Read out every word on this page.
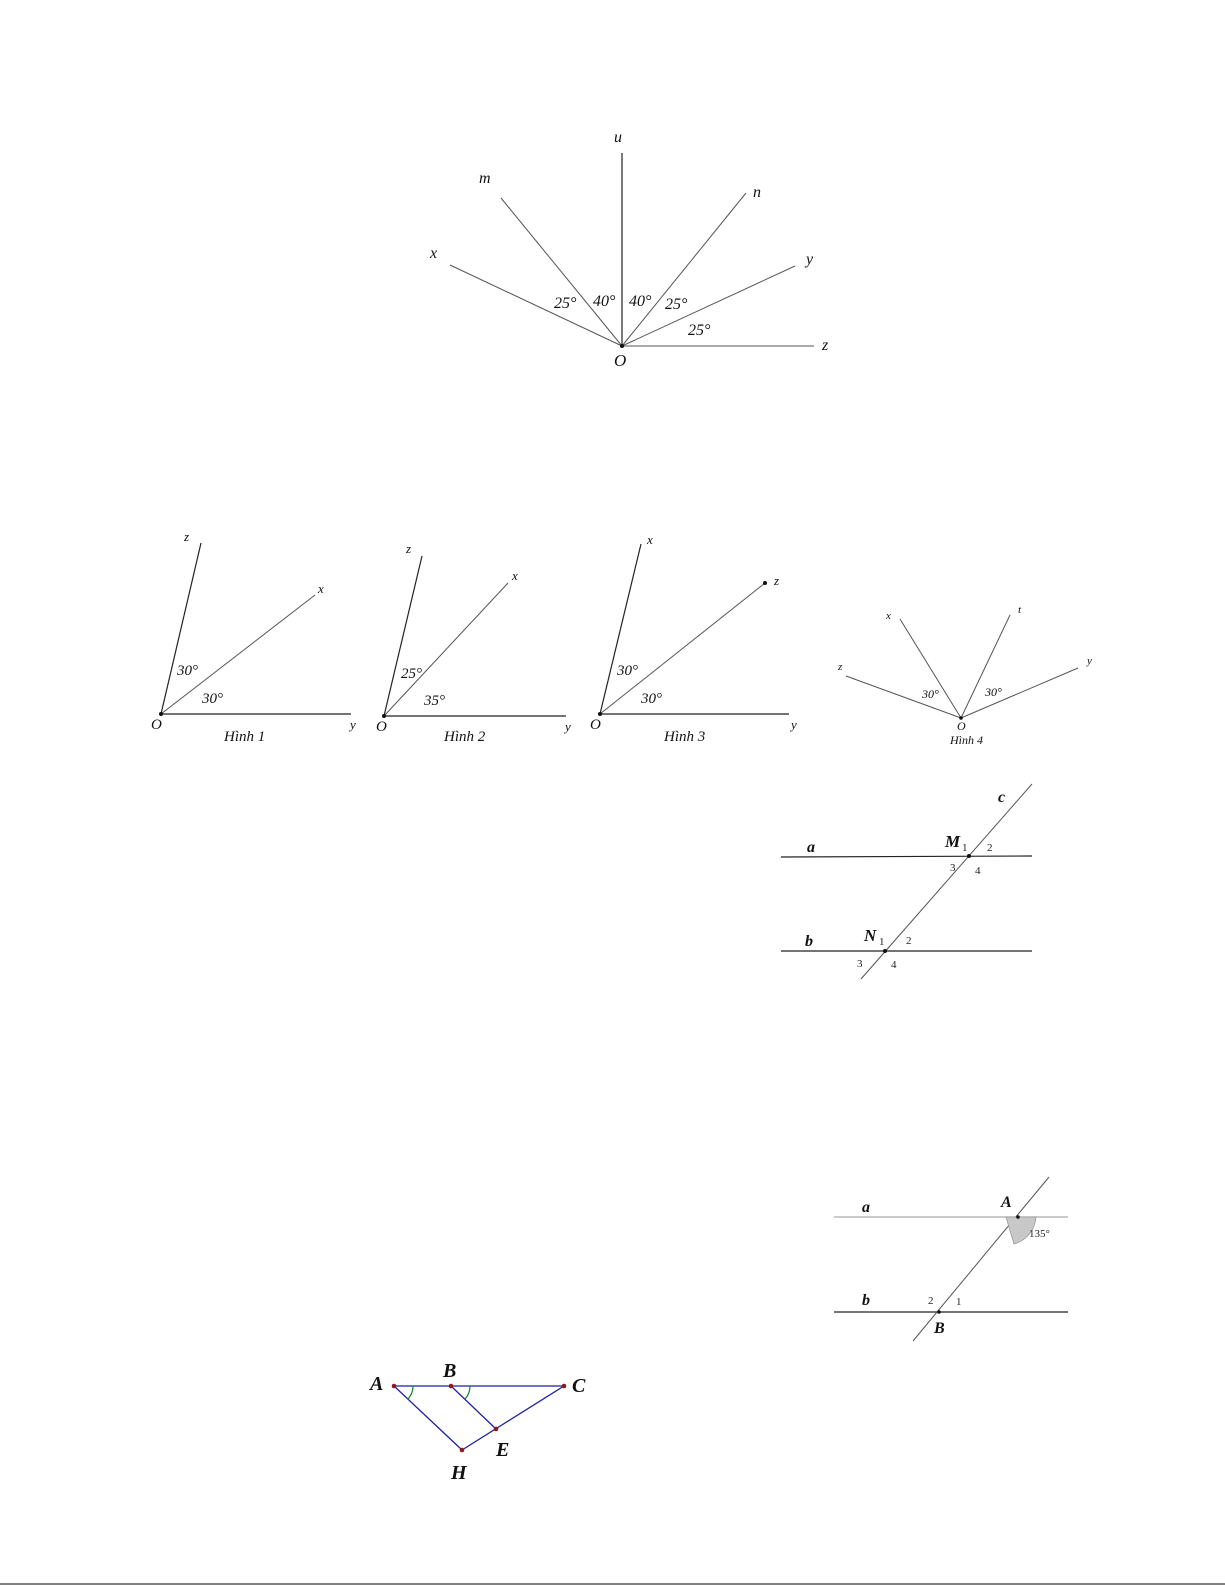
u
m
n
x	y
z
O
25° 40° 40° 25°
25°
z
x
y
O
30°
30°
Hình 1
z
x
y
O
25°
35°
Hình 2
x
z
y
O
30°
30°
Hình 3
z
x	t
y
O
30°	30°
Hình 4
a
b
c
M 1 2
3 4
N 1 2
3	4
a
b
A
B
135°
2 1
A
B
C
E
H
